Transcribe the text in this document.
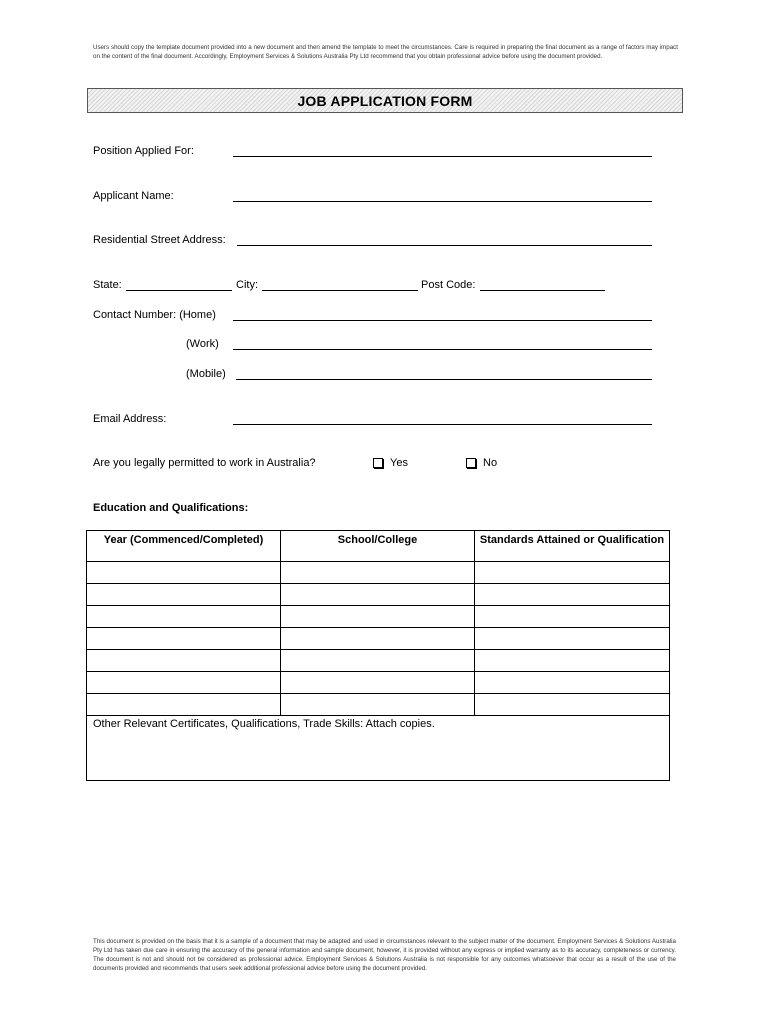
Users should copy the template document provided into a new document and then amend the template to meet the circumstances. Care is required in preparing the final document as a range of factors may impact on the content of the final document. Accordingly, Employment Services & Solutions Australia Pty Ltd recommend that you obtain professional advice before using the document provided.
JOB APPLICATION FORM
Position Applied For:
Applicant Name:
Residential Street Address:
State:	City:	Post Code:
Contact Number: (Home)
(Work)
(Mobile)
Email Address:
Are you legally permitted to work in Australia?	Yes	No
Education and Qualifications:
Year (Commenced/Completed)	School/College	Standards Attained or Qualification

Other Relevant Certificates, Qualifications, Trade Skills: Attach copies.		
This document is provided on the basis that it is a sample of a document that may be adapted and used in circumstances relevant to the subject matter of the document. Employment Services & Solutions Australia Pty Ltd has taken due care in ensuring the accuracy of the general information and sample document, however, it is provided without any express or implied warranty as to its accuracy, completeness or currency. The document is not and should not be considered as professional advice. Employment Services & Solutions Australia is not responsible for any outcomes whatsoever that occur as a result of the use of the documents provided and recommends that users seek additional professional advice before using the document provided.
